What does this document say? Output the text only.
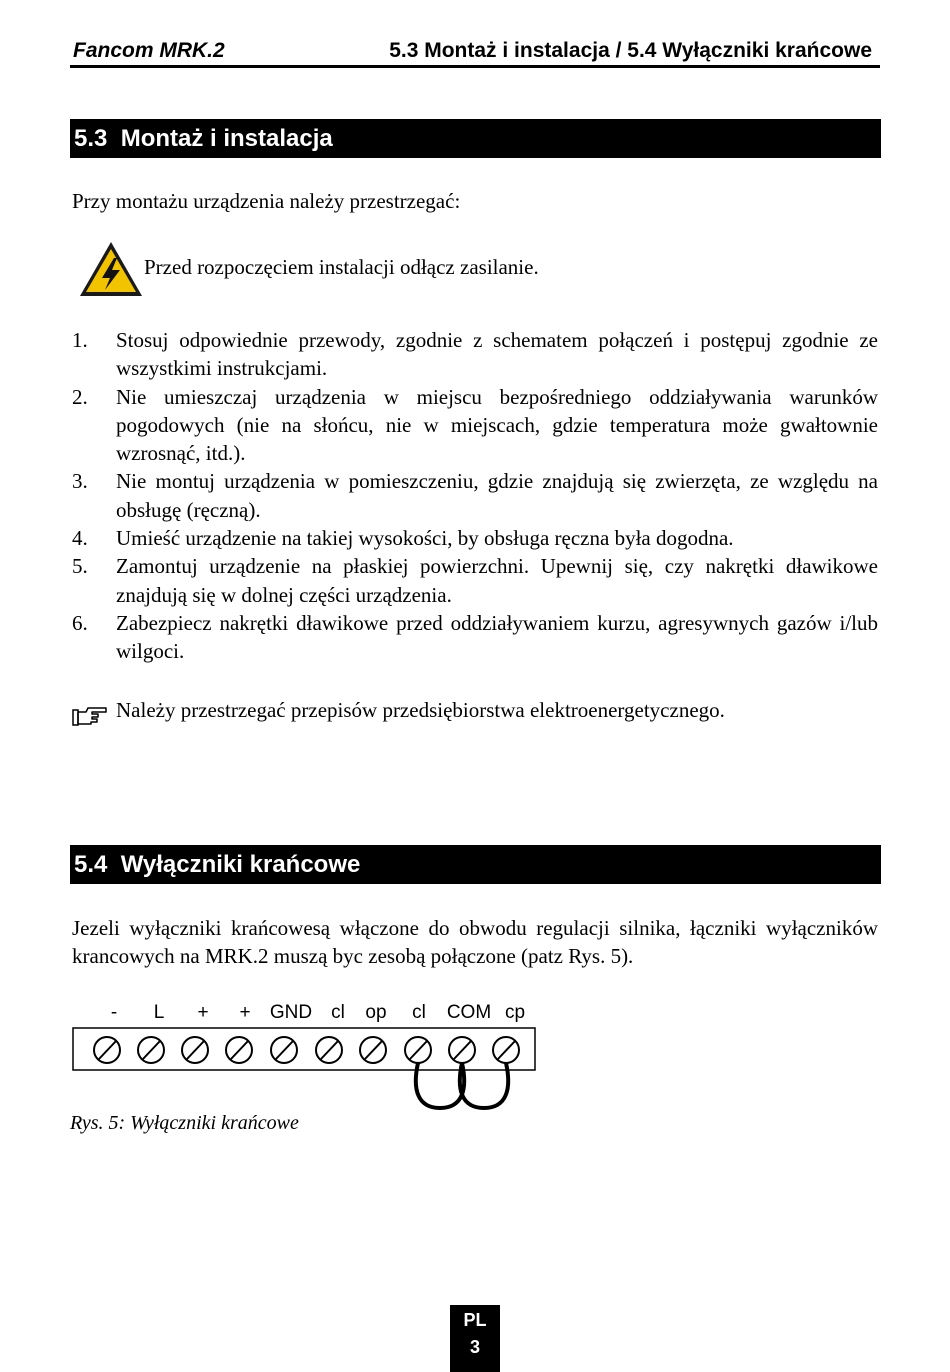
Fancom MRK.2	5.3 Montaż i instalacja / 5.4 Wyłączniki krańcowe
5.3  Montaż i instalacja
Przy montażu urządzenia należy przestrzegać:
Przed rozpoczęciem instalacji odłącz zasilanie.
1. Stosuj odpowiednie przewody, zgodnie z schematem połączeń i postępuj zgodnie ze wszystkimi instrukcjami.
2. Nie umieszczaj urządzenia w miejscu bezpośredniego oddziaływania warunków pogodowych (nie na słońcu, nie w miejscach, gdzie temperatura może gwałtownie wzrosnąć, itd.).
3. Nie montuj urządzenia w pomieszczeniu, gdzie znajdują się zwierzęta, ze względu na obsługę (ręczną).
4. Umieść urządzenie na takiej wysokości, by obsługa ręczna była dogodna.
5. Zamontuj urządzenie na płaskiej powierzchni. Upewnij się, czy nakrętki dławikowe znajdują się w dolnej części urządzenia.
6. Zabezpiecz nakrętki dławikowe przed oddziaływaniem kurzu, agresywnych gazów i/lub wilgoci.
Należy przestrzegać przepisów przedsiębiorstwa elektroenergetycznego.
5.4  Wyłączniki krańcowe
Jezeli wyłączniki krańcowesą włączone do obwodu regulacji silnika, łączniki wyłączników krancowych na MRK.2 muszą byc zesobą połączone (patz Rys. 5).
- L + + GND cl op cl COM cp
Rys. 5: Wyłączniki krańcowe
PL
3
